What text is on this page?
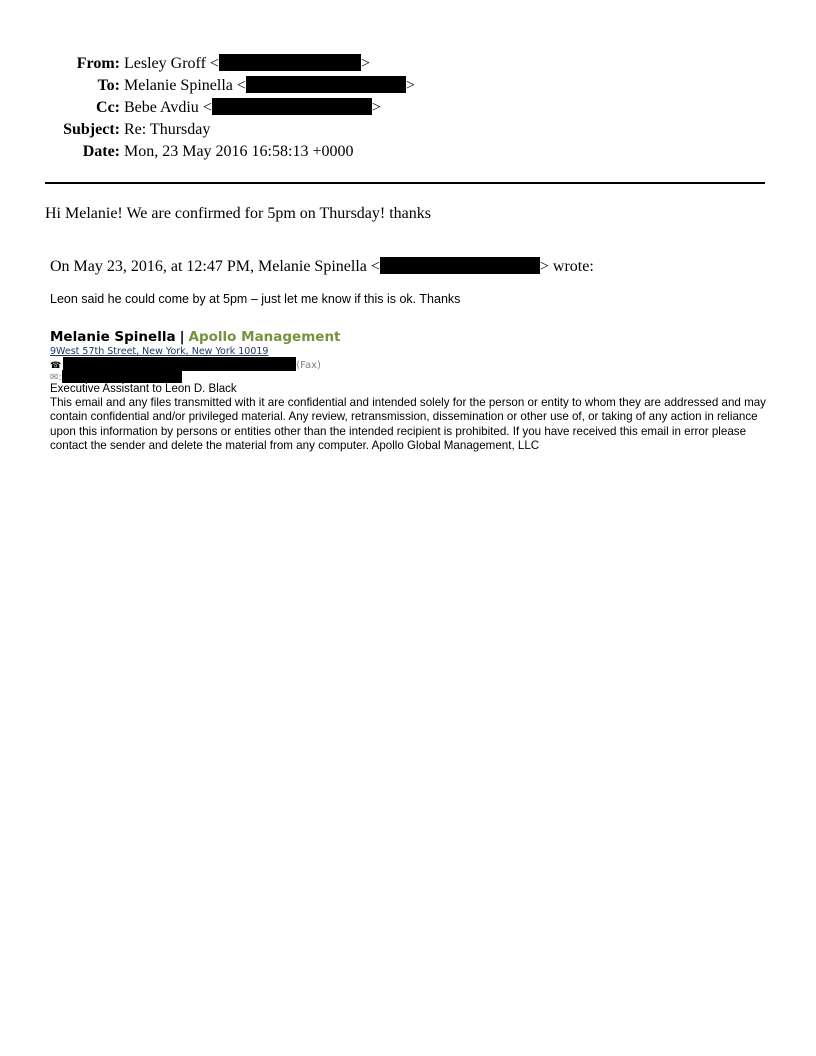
From: Lesley Groff <	>
To: Melanie Spinella <	>
Cc: Bebe Avdiu <	>
Subject: Re: Thursday
Date: Mon, 23 May 2016 16:58:13 +0000
Hi Melanie! We are confirmed for 5pm on Thursday! thanks
On May 23, 2016, at 12:47 PM, Melanie Spinella <	> wrote:
Leon said he could come by at 5pm – just let me know if this is ok. Thanks
Melanie Spinella | Apollo Management
9West 57th Street, New York, New York 10019
☎	(Fax)
✉:
Executive Assistant to Leon D. Black
This email and any files transmitted with it are confidential and intended solely for the person or entity to whom they are addressed and may contain confidential and/or privileged material. Any review, retransmission, dissemination or other use of, or taking of any action in reliance upon this information by persons or entities other than the intended recipient is prohibited. If you have received this email in error please contact the sender and delete the material from any computer. Apollo Global Management, LLC
